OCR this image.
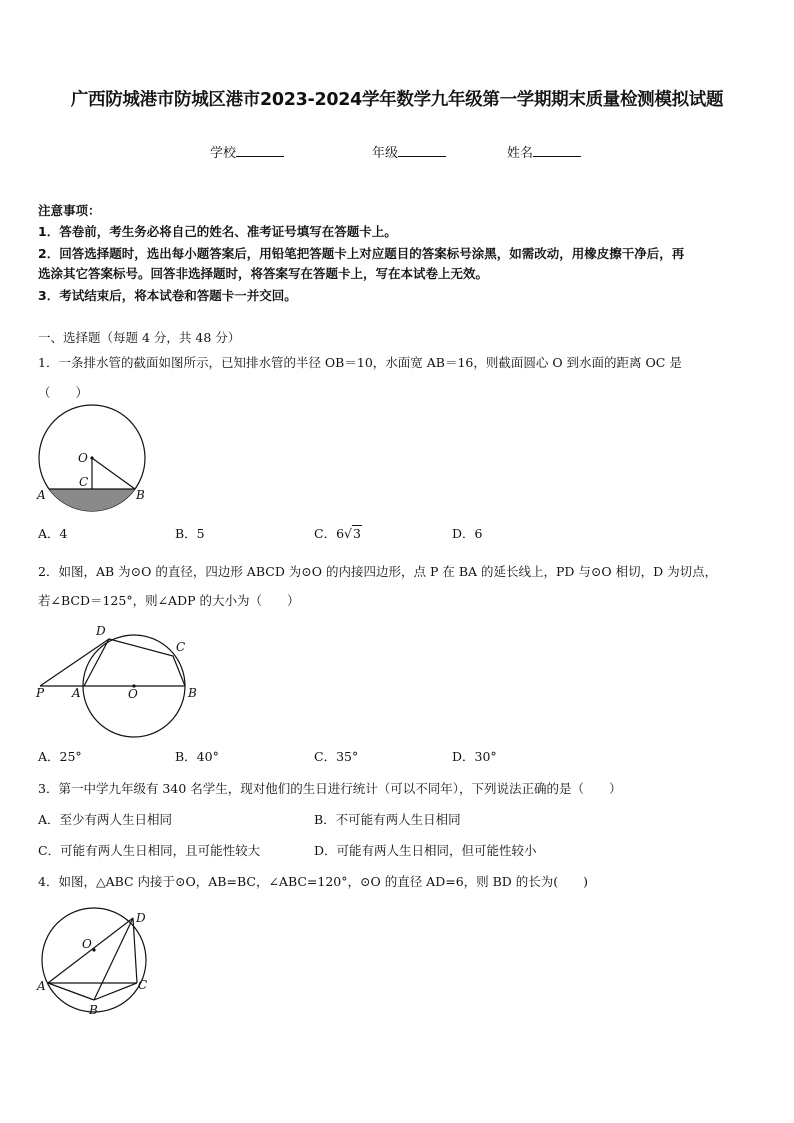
广西防城港市防城区港市2023-2024学年数学九年级第一学期期末质量检测模拟试题
学校	年级	姓名
注意事项：
1．答卷前，考生务必将自己的姓名、准考证号填写在答题卡上。
2．回答选择题时，选出每小题答案后，用铅笔把答题卡上对应题目的答案标号涂黑，如需改动，用橡皮擦干净后，再
选涂其它答案标号。回答非选择题时，将答案写在答题卡上，写在本试卷上无效。
3．考试结束后，将本试卷和答题卡一并交回。
一、选择题（每题 4 分，共 48 分）
1．一条排水管的截面如图所示，已知排水管的半径 OB＝10，水面宽 AB＝16，则截面圆心 O 到水面的距离 OC 是
（　　）
O
C
A	B
A．4	B．5	C．6√3	D．6
2．如图，AB 为⊙O 的直径，四边形 ABCD 为⊙O 的内接四边形，点 P 在 BA 的延长线上，PD 与⊙O 相切，D 为切点，
若∠BCD＝125°，则∠ADP 的大小为（　　）
D
C
P A	O	B
A．25°	B．40°	C．35°	D．30°
3．第一中学九年级有 340 名学生，现对他们的生日进行统计（可以不同年），下列说法正确的是（　　）
A．至少有两人生日相同	B．不可能有两人生日相同
C．可能有两人生日相同，且可能性较大	D．可能有两人生日相同，但可能性较小
4．如图，△ABC 内接于⊙O，AB=BC，∠ABC=120°，⊙O 的直径 AD=6，则 BD 的长为(　　)
D
O
A	C
B
